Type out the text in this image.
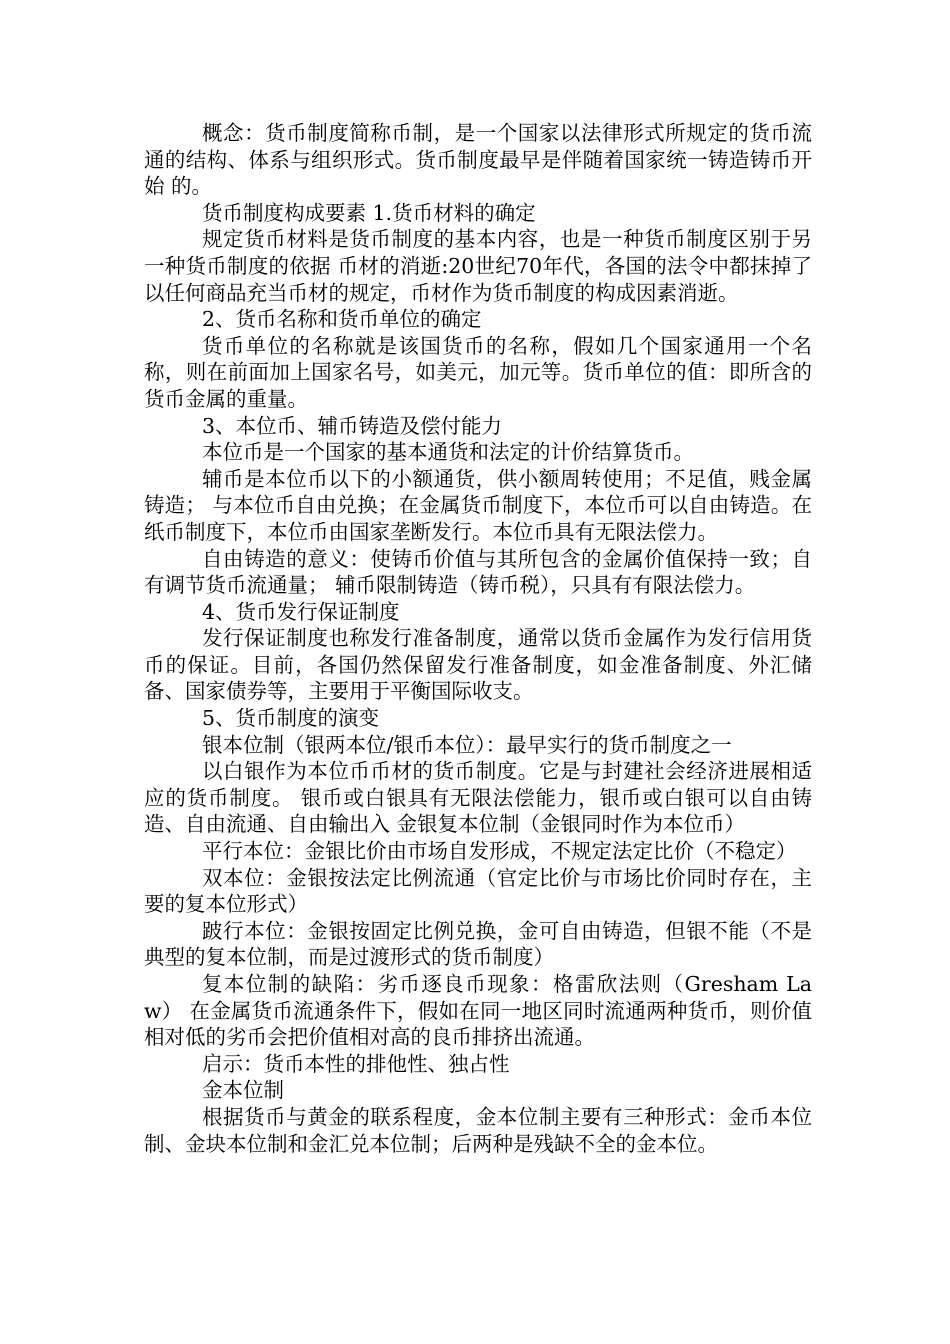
概念：货币制度简称币制，是一个国家以法律形式所规定的货币流通的结构、体系与组织形式。货币制度最早是伴随着国家统一铸造铸币开始 的。

货币制度构成要素 1.货币材料的确定

规定货币材料是货币制度的基本内容，也是一种货币制度区别于另一种货币制度的依据 币材的消逝:20世纪70年代，各国的法令中都抹掉了以任何商品充当币材的规定，币材作为货币制度的构成因素消逝。

2、货币名称和货币单位的确定

货币单位的名称就是该国货币的名称，假如几个国家通用一个名称，则在前面加上国家名号，如美元，加元等。货币单位的值：即所含的货币金属的重量。

3、本位币、辅币铸造及偿付能力

本位币是一个国家的基本通货和法定的计价结算货币。

辅币是本位币以下的小额通货，供小额周转使用；不足值，贱金属铸造； 与本位币自由兑换；在金属货币制度下，本位币可以自由铸造。在纸币制度下，本位币由国家垄断发行。本位币具有无限法偿力。

自由铸造的意义：使铸币价值与其所包含的金属价值保持一致；自有调节货币流通量； 辅币限制铸造（铸币税），只具有有限法偿力。

4、货币发行保证制度

发行保证制度也称发行准备制度，通常以货币金属作为发行信用货币的保证。目前，各国仍然保留发行准备制度，如金准备制度、外汇储备、国家债券等，主要用于平衡国际收支。

5、货币制度的演变

银本位制（银两本位/银币本位）：最早实行的货币制度之一

以白银作为本位币币材的货币制度。它是与封建社会经济进展相适应的货币制度。 银币或白银具有无限法偿能力，银币或白银可以自由铸造、自由流通、自由输出入 金银复本位制（金银同时作为本位币）

平行本位：金银比价由市场自发形成，不规定法定比价（不稳定）

双本位：金银按法定比例流通（官定比价与市场比价同时存在，主要的复本位形式）

跛行本位：金银按固定比例兑换，金可自由铸造，但银不能（不是典型的复本位制，而是过渡形式的货币制度）

复本位制的缺陷：劣币逐良币现象：格雷欣法则（Gresham Law） 在金属货币流通条件下，假如在同一地区同时流通两种货币，则价值相对低的劣币会把价值相对高的良币排挤出流通。

启示：货币本性的排他性、独占性

金本位制

根据货币与黄金的联系程度，金本位制主要有三种形式：金币本位制、金块本位制和金汇兑本位制；后两种是残缺不全的金本位。
